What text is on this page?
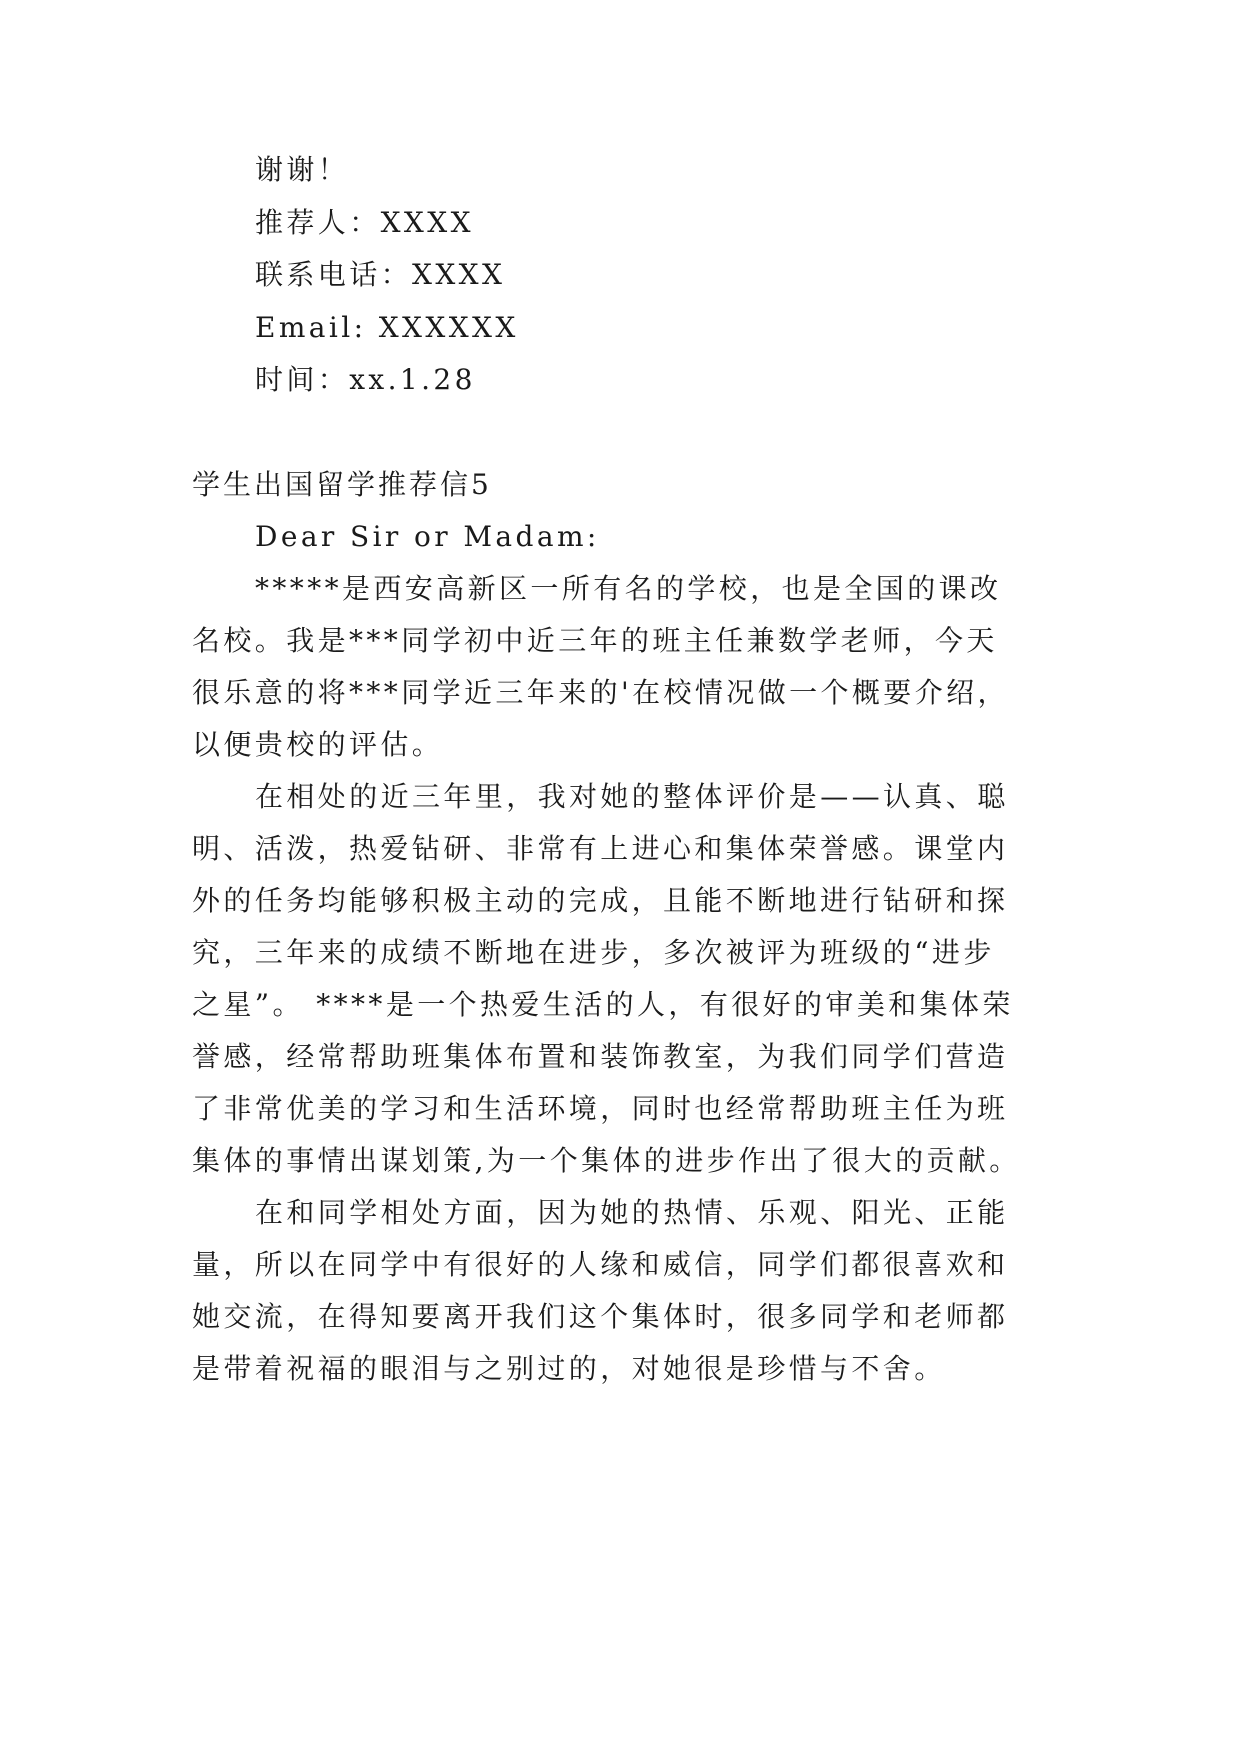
谢谢！
推荐人：XXXX
联系电话：XXXX
Email: XXXXXX
时间：xx.1.28
学生出国留学推荐信5
Dear Sir or Madam:
*****是西安高新区一所有名的学校，也是全国的课改
名校。我是***同学初中近三年的班主任兼数学老师，今天
很乐意的将***同学近三年来的'在校情况做一个概要介绍，
以便贵校的评估。
在相处的近三年里，我对她的整体评价是——认真、聪
明、活泼，热爱钻研、非常有上进心和集体荣誉感。课堂内
外的任务均能够积极主动的完成，且能不断地进行钻研和探
究，三年来的成绩不断地在进步，多次被评为班级的“进步
之星”。 ****是一个热爱生活的人，有很好的审美和集体荣
誉感，经常帮助班集体布置和装饰教室，为我们同学们营造
了非常优美的学习和生活环境，同时也经常帮助班主任为班
集体的事情出谋划策,为一个集体的进步作出了很大的贡献。
在和同学相处方面，因为她的热情、乐观、阳光、正能
量，所以在同学中有很好的人缘和威信，同学们都很喜欢和
她交流，在得知要离开我们这个集体时，很多同学和老师都
是带着祝福的眼泪与之别过的，对她很是珍惜与不舍。
